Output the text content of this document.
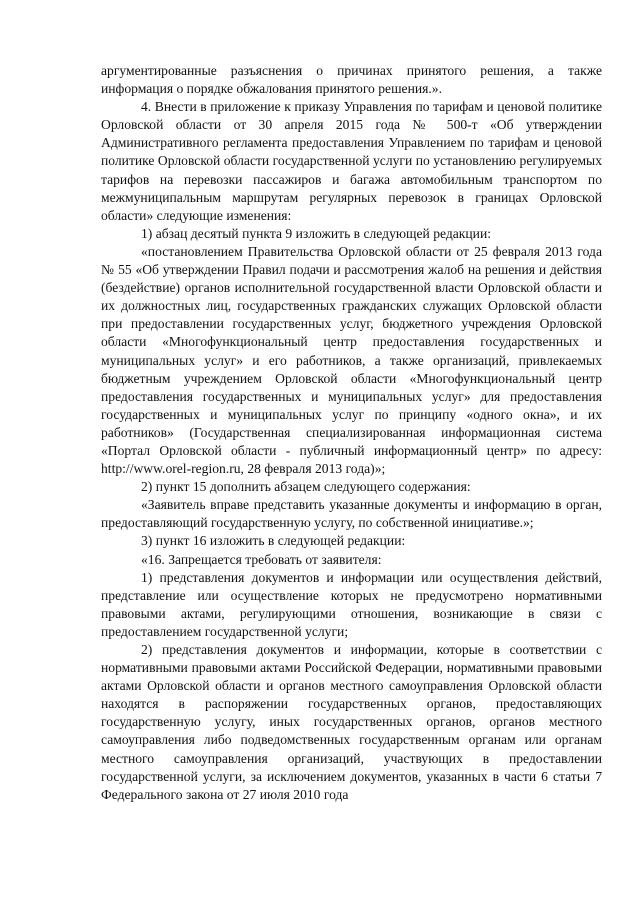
аргументированные разъяснения о причинах принятого решения, а также информация о порядке обжалования принятого решения.».

4. Внести в приложение к приказу Управления по тарифам и ценовой политике Орловской области от 30 апреля 2015 года № 500-т «Об утверждении Административного регламента предоставления Управлением по тарифам и ценовой политике Орловской области государственной услуги по установлению регулируемых тарифов на перевозки пассажиров и багажа автомобильным транспортом по межмуниципальным маршрутам регулярных перевозок в границах Орловской области» следующие изменения:

1) абзац десятый пункта 9 изложить в следующей редакции:

«постановлением Правительства Орловской области от 25 февраля 2013 года № 55 «Об утверждении Правил подачи и рассмотрения жалоб на решения и действия (бездействие) органов исполнительной государственной власти Орловской области и их должностных лиц, государственных гражданских служащих Орловской области при предоставлении государственных услуг, бюджетного учреждения Орловской области «Многофункциональный центр предоставления государственных и муниципальных услуг» и его работников, а также организаций, привлекаемых бюджетным учреждением Орловской области «Многофункциональный центр предоставления государственных и муниципальных услуг» для предоставления государственных и муниципальных услуг по принципу «одного окна», и их работников» (Государственная специализированная информационная система «Портал Орловской области - публичный информационный центр» по адресу: http://www.orel-region.ru, 28 февраля 2013 года)»;

2) пункт 15 дополнить абзацем следующего содержания:

«Заявитель вправе представить указанные документы и информацию в орган, предоставляющий государственную услугу, по собственной инициативе.»;

3) пункт 16 изложить в следующей редакции:

«16. Запрещается требовать от заявителя:

1) представления документов и информации или осуществления действий, представление или осуществление которых не предусмотрено нормативными правовыми актами, регулирующими отношения, возникающие в связи с предоставлением государственной услуги;

2) представления документов и информации, которые в соответствии с нормативными правовыми актами Российской Федерации, нормативными правовыми актами Орловской области и органов местного самоуправления Орловской области находятся в распоряжении государственных органов, предоставляющих государственную услугу, иных государственных органов, органов местного самоуправления либо подведомственных государственным органам или органам местного самоуправления организаций, участвующих в предоставлении государственной услуги, за исключением документов, указанных в части 6 статьи 7 Федерального закона от 27 июля 2010 года
